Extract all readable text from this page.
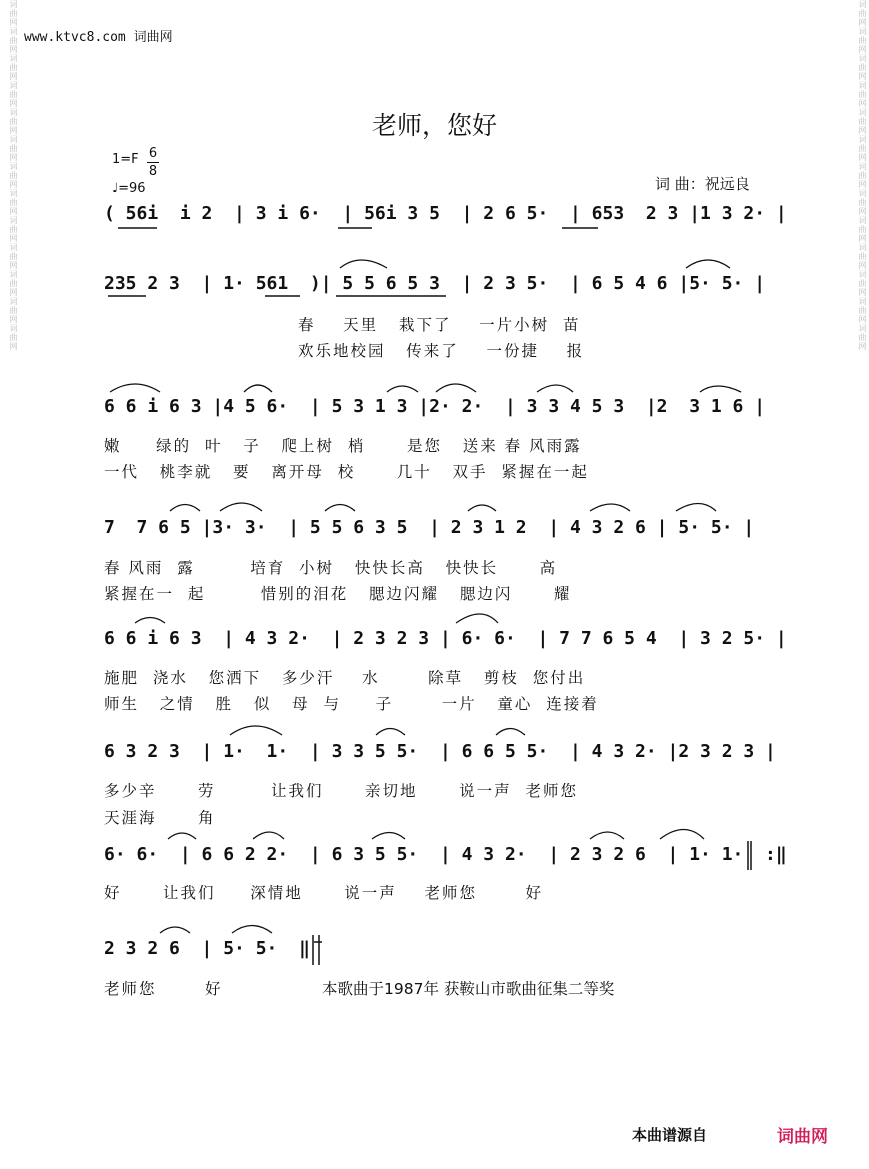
词曲网词曲网词曲网词曲网词曲网词曲网词曲网词曲网词曲网词曲网词曲网词曲网词曲网	词曲网词曲网词曲网词曲网词曲网词曲网词曲网词曲网词曲网词曲网词曲网词曲网词曲网
www.ktvc8.com 词曲网
老师，您好
1=F 6
8
♩=96	词 曲：祝远良
( 56i  i 2  | 3 i 6·  | 56i 3 5  | 2 6 5·  | 653  2 3 |1 3 2· |
235 2 3  | 1· 561  )| 5 5 6 5 3  | 2 3 5·  | 6 5 4 6 |5· 5· |
春    天里   栽下了    一片小树  苗
欢乐地校园   传来了    一份捷    报
6 6 i 6 3 |4 5 6·  | 5 3 1 3 |2· 2·  | 3 3 4 5 3  |2  3 1 6 |
嫩     绿的  叶   子   爬上树  梢      是您   送来 春 风雨露
一代   桃李就   要   离开母  校      几十   双手  紧握在一起
7  7 6 5 |3· 3·  | 5 5 6 3 5  | 2 3 1 2  | 4 3 2 6 | 5· 5· |
春 风雨  露        培育  小树   快快长高   快快长      高
紧握在一  起        惜别的泪花   腮边闪耀   腮边闪      耀
6 6 i 6 3  | 4 3 2·  | 2 3 2 3 | 6· 6·  | 7 7 6 5 4  | 3 2 5· |
施肥  浇水   您洒下   多少汗    水       除草   剪枝  您付出
师生   之情   胜   似   母  与     子       一片   童心  连接着
6 3 2 3  | 1·  1·  | 3 3 5 5·  | 6 6 5 5·  | 4 3 2· |2 3 2 3 |
多少辛      劳        让我们      亲切地      说一声  老师您
天涯海      角
6· 6·  | 6 6 2 2·  | 6 3 5 5·  | 4 3 2·  | 2 3 2 6  | 1· 1·  :‖
好      让我们     深情地      说一声    老师您       好
2 3 2 6  | 5· 5·  ‖
老师您       好	本歌曲于1987年 获鞍山市歌曲征集二等奖
本曲谱源自	词曲网
